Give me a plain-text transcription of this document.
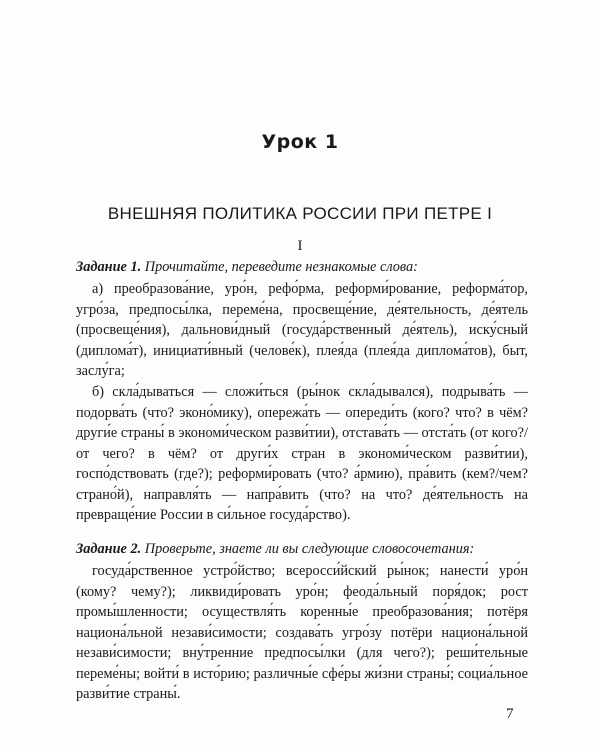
Урок 1
ВНЕШНЯЯ ПОЛИТИКА РОССИИ ПРИ ПЕТРЕ I
I
Задание 1. Прочитайте, переведите незнакомые слова:

а) преобразова́ние, уро́н, рефо́рма, реформи́рование, реформа́тор, угро́за, предпосы́лка, переме́на, просвеще́ние, де́ятельность, де́ятель (просвеще́ния), дальнови́дный (госуда́рственный де́ятель), иску́сный (диплома́т), инициати́вный (челове́к), плея́да (плея́да диплома́тов), быт, заслу́га;

б) скла́дываться — сложи́ться (ры́нок скла́дывался), подрыва́ть — подорва́ть (что? эконо́мику), опережа́ть — опереди́ть (кого? что? в чём? други́е страны́ в экономи́ческом разви́тии), отстава́ть — отста́ть (от кого?/от чего? в чём? от други́х стран в экономи́ческом разви́тии), госпо́дствовать (где?); реформи́ровать (что? а́рмию), пра́вить (кем?/чем? страно́й), направля́ть — напра́вить (что? на что? де́ятельность на превраще́ние России в си́льное госуда́рство).

Задание 2. Проверьте, знаете ли вы следующие словосочетания:

госуда́рственное устро́йство; всеросси́йский ры́нок; нанести́ уро́н (кому? чему?); ликвиди́ровать уро́н; феода́льный поря́док; рост промы́шленности; осуществля́ть коренны́е преобразова́ния; потёря национа́льной незави́симости; создава́ть угро́зу потёри национа́льной незави́симости; вну́тренние предпосы́лки (для чего?); реши́тельные переме́ны; войти́ в исто́рию; различны́е сфе́ры жи́зни страны́; социа́льное разви́тие страны́.

7
